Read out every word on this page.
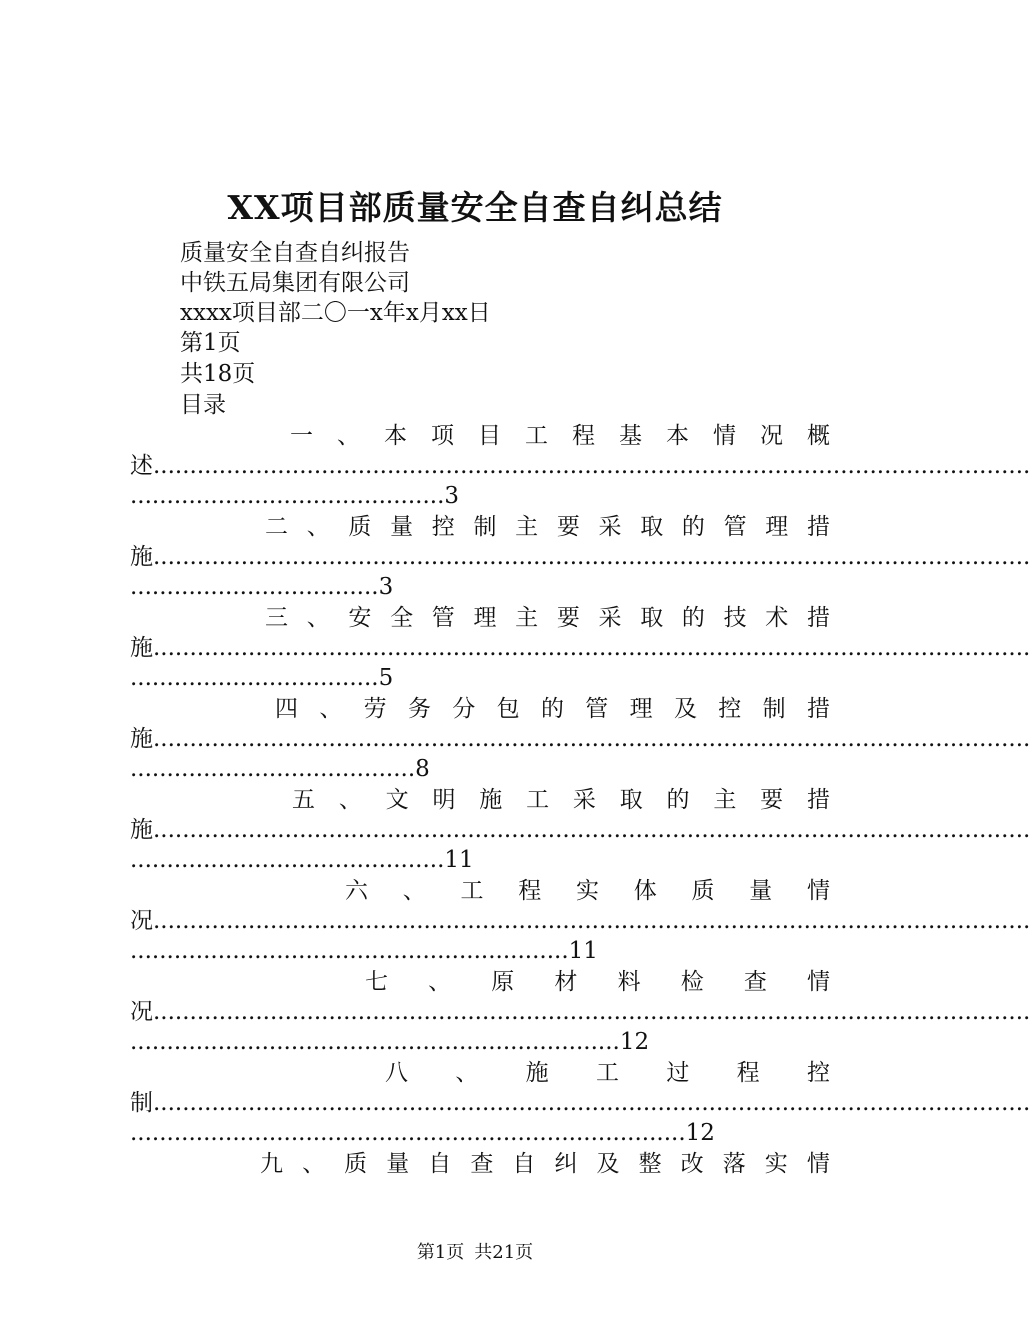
XX项目部质量安全自查自纠总结
质量安全自查自纠报告
中铁五局集团有限公司
xxxx项目部二〇一x年x月xx日
第1页
共18页
目录
一 、 本 项 目 工 程 基 本 情 况 概
述........................................................................................................................
...........................................3
二 、 质 量 控 制 主 要 采 取 的 管 理 措
施........................................................................................................................
..................................3
三 、 安 全 管 理 主 要 采 取 的 技 术 措
施........................................................................................................................
..................................5
四 、 劳 务 分 包 的 管 理 及 控 制 措
施........................................................................................................................
.......................................8
五 、 文 明 施 工 采 取 的 主 要 措
施........................................................................................................................
...........................................11
六 、 工 程 实 体 质 量 情
况........................................................................................................................
............................................................11
七 、 原 材 料 检 查 情
况........................................................................................................................
...................................................................12
八 、 施 工 过 程 控
制........................................................................................................................
............................................................................12
九 、 质 量 自 查 自 纠 及 整 改 落 实 情
第1页 共21页
